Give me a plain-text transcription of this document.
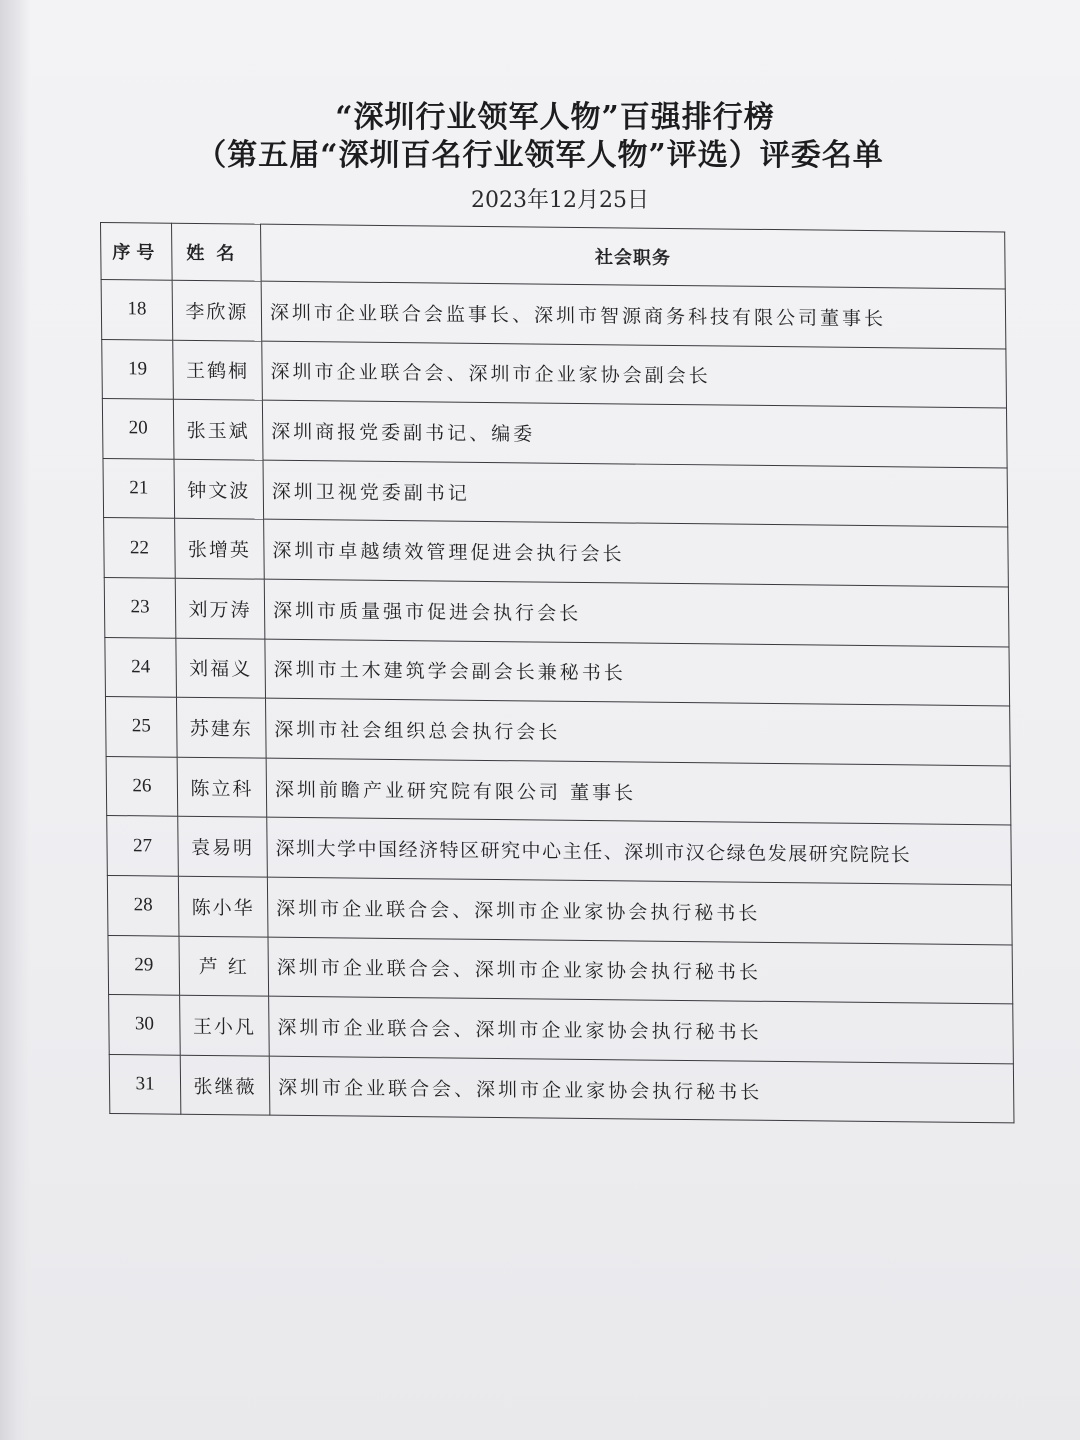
“深圳行业领军人物”百强排行榜
（第五届“深圳百名行业领军人物”评选）评委名单
2023年12月25日
序号	姓名	社会职务
18	李欣源	深圳市企业联合会监事长、深圳市智源商务科技有限公司董事长
19	王鹤桐	深圳市企业联合会、深圳市企业家协会副会长
20	张玉斌	深圳商报党委副书记、编委
21	钟文波	深圳卫视党委副书记
22	张增英	深圳市卓越绩效管理促进会执行会长
23	刘万涛	深圳市质量强市促进会执行会长
24	刘福义	深圳市土木建筑学会副会长兼秘书长
25	苏建东	深圳市社会组织总会执行会长
26	陈立科	深圳前瞻产业研究院有限公司 董事长
27	袁易明	深圳大学中国经济特区研究中心主任、深圳市汉仑绿色发展研究院院长
28	陈小华	深圳市企业联合会、深圳市企业家协会执行秘书长
29	芦 红	深圳市企业联合会、深圳市企业家协会执行秘书长
30	王小凡	深圳市企业联合会、深圳市企业家协会执行秘书长
31	张继薇	深圳市企业联合会、深圳市企业家协会执行秘书长
